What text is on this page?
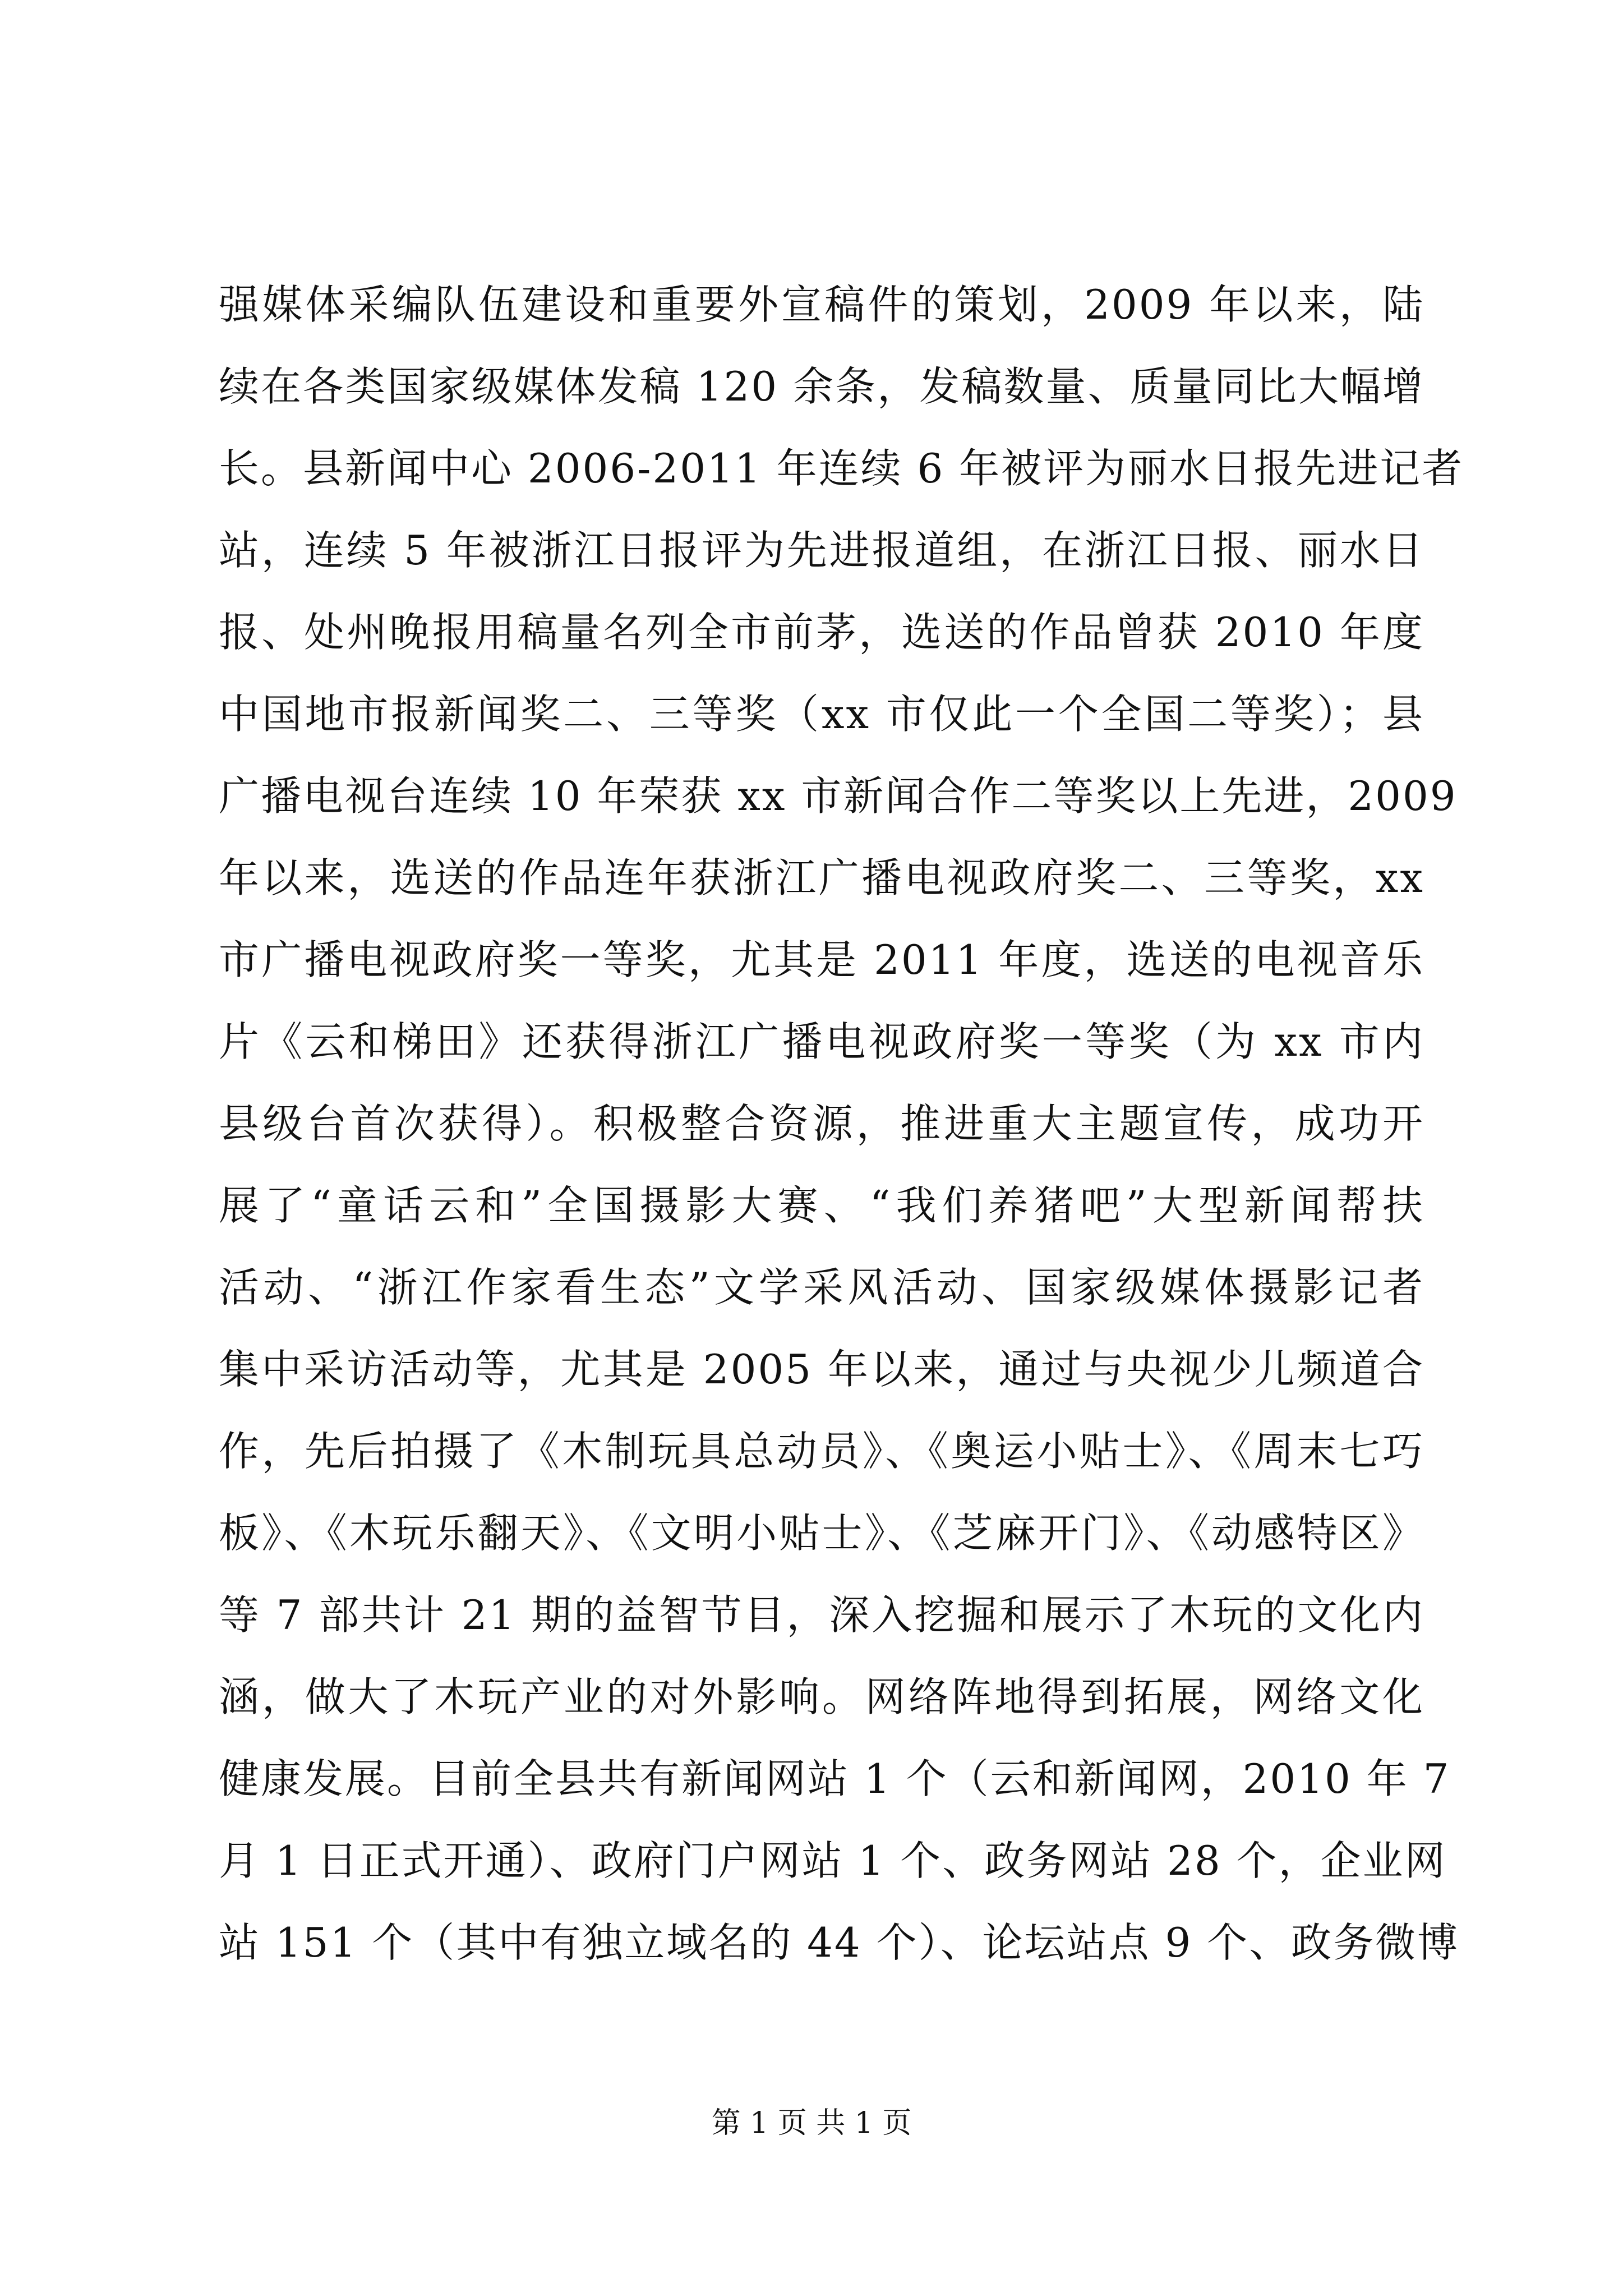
强媒体采编队伍建设和重要外宣稿件的策划，2009 年以来，陆
续在各类国家级媒体发稿 120 余条，发稿数量、质量同比大幅增
长。县新闻中心 2006-2011 年连续 6 年被评为丽水日报先进记者
站，连续 5 年被浙江日报评为先进报道组，在浙江日报、丽水日
报、处州晚报用稿量名列全市前茅，选送的作品曾获 2010 年度
中国地市报新闻奖二、三等奖（xx 市仅此一个全国二等奖）；县
广播电视台连续 10 年荣获 xx 市新闻合作二等奖以上先进，2009
年以来，选送的作品连年获浙江广播电视政府奖二、三等奖，xx
市广播电视政府奖一等奖，尤其是 2011 年度，选送的电视音乐
片《云和梯田》还获得浙江广播电视政府奖一等奖（为 xx 市内
县级台首次获得）。积极整合资源，推进重大主题宣传，成功开
展了“童话云和”全国摄影大赛、“我们养猪吧”大型新闻帮扶
活动、“浙江作家看生态”文学采风活动、国家级媒体摄影记者
集中采访活动等，尤其是 2005 年以来，通过与央视少儿频道合
作，先后拍摄了《木制玩具总动员》、《奥运小贴士》、《周末七巧
板》、《木玩乐翻天》、《文明小贴士》、《芝麻开门》、《动感特区》
等 7 部共计 21 期的益智节目，深入挖掘和展示了木玩的文化内
涵，做大了木玩产业的对外影响。网络阵地得到拓展，网络文化
健康发展。目前全县共有新闻网站 1 个（云和新闻网，2010 年 7
月 1 日正式开通）、政府门户网站 1 个、政务网站 28 个，企业网
站 151 个（其中有独立域名的 44 个）、论坛站点 9 个、政务微博
第 1 页 共 1 页
